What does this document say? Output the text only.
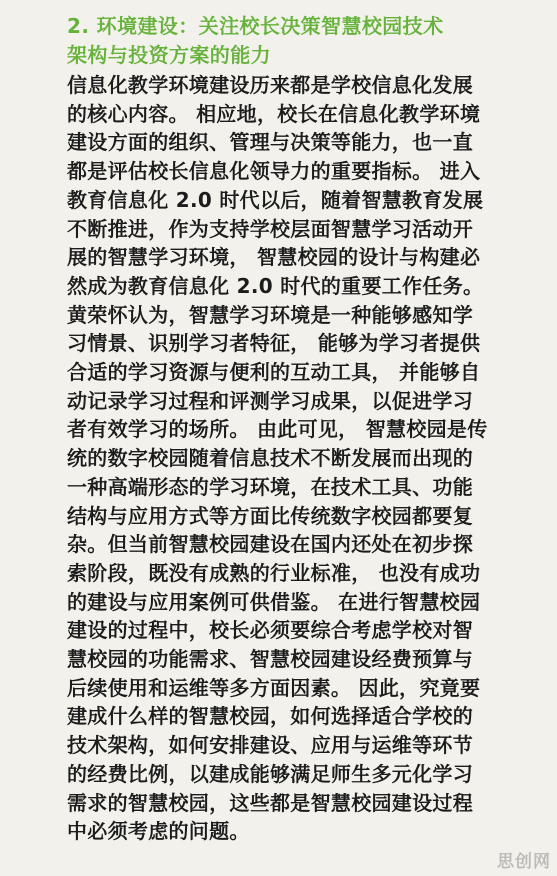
2. 环境建设：关注校长决策智慧校园技术
架构与投资方案的能力

信息化教学环境建设历来都是学校信息化发展
的核心内容。 相应地，校长在信息化教学环境
建设方面的组织、管理与决策等能力，也一直
都是评估校长信息化领导力的重要指标。 进入
教育信息化 2.0 时代以后，随着智慧教育发展
不断推进，作为支持学校层面智慧学习活动开
展的智慧学习环境， 智慧校园的设计与构建必
然成为教育信息化 2.0 时代的重要工作任务。
黄荣怀认为，智慧学习环境是一种能够感知学
习情景、识别学习者特征， 能够为学习者提供
合适的学习资源与便利的互动工具， 并能够自
动记录学习过程和评测学习成果，以促进学习
者有效学习的场所。 由此可见， 智慧校园是传
统的数字校园随着信息技术不断发展而出现的
一种高端形态的学习环境，在技术工具、功能
结构与应用方式等方面比传统数字校园都要复
杂。但当前智慧校园建设在国内还处在初步探
索阶段，既没有成熟的行业标准， 也没有成功
的建设与应用案例可供借鉴。 在进行智慧校园
建设的过程中，校长必须要综合考虑学校对智
慧校园的功能需求、智慧校园建设经费预算与
后续使用和运维等多方面因素。 因此，究竟要
建成什么样的智慧校园，如何选择适合学校的
技术架构，如何安排建设、应用与运维等环节
的经费比例，以建成能够满足师生多元化学习
需求的智慧校园，这些都是智慧校园建设过程
中必须考虑的问题。

思创网
